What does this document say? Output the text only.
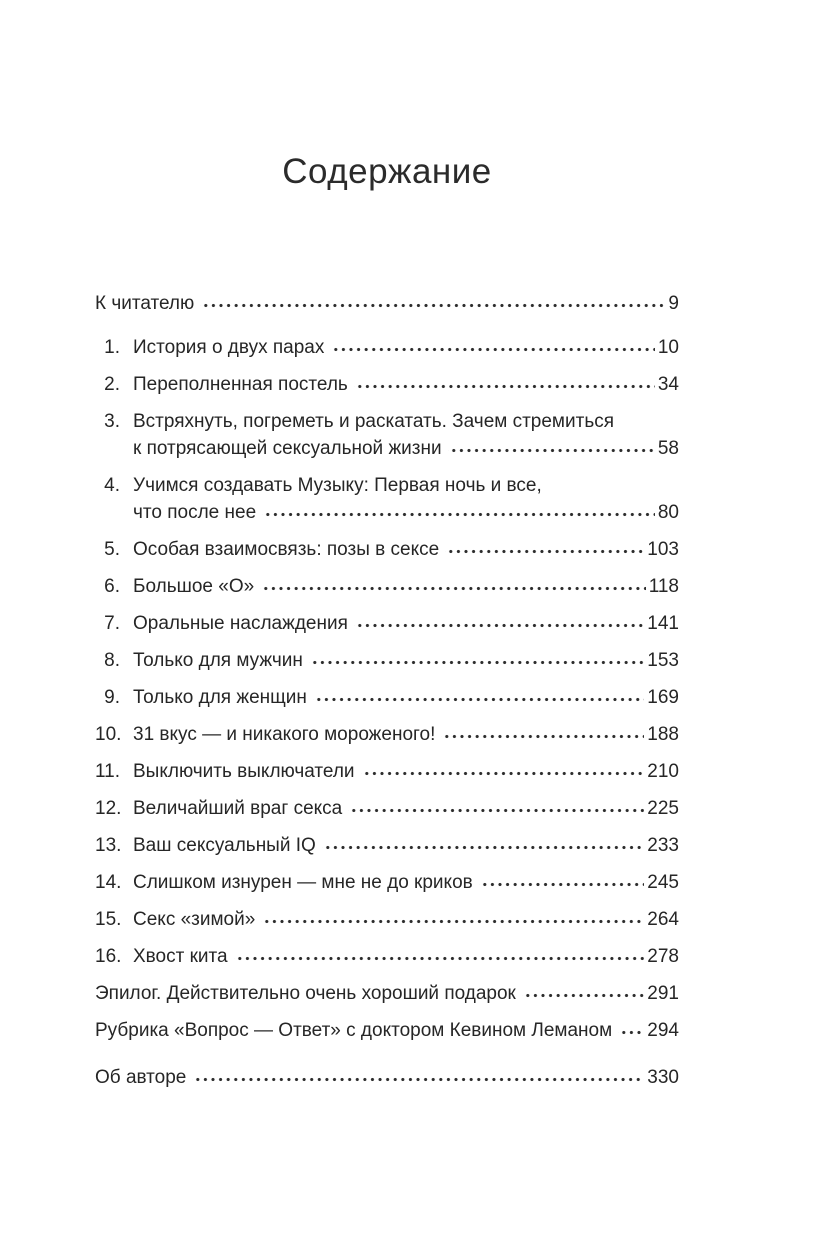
Содержание
К читателю	9
1. История о двух парах	10
2. Переполненная постель	34
3. Встряхнуть, погреметь и раскатать. Зачем стремиться
к потрясающей сексуальной жизни	58
4. Учимся создавать Музыку: Первая ночь и все,
что после нее	80
5. Особая взаимосвязь: позы в сексе	103
6. Большое «О»	118
7. Оральные наслаждения	141
8. Только для мужчин	153
9. Только для женщин	169
10. 31 вкус — и никакого мороженого!	188
11. Выключить выключатели	210
12. Величайший враг секса	225
13. Ваш сексуальный IQ	233
14. Слишком изнурен — мне не до криков	245
15. Секс «зимой»	264
16. Хвост кита	278
Эпилог. Действительно очень хороший подарок	291
Рубрика «Вопрос — Ответ» с доктором Кевином Леманом 294
Об авторе	330
